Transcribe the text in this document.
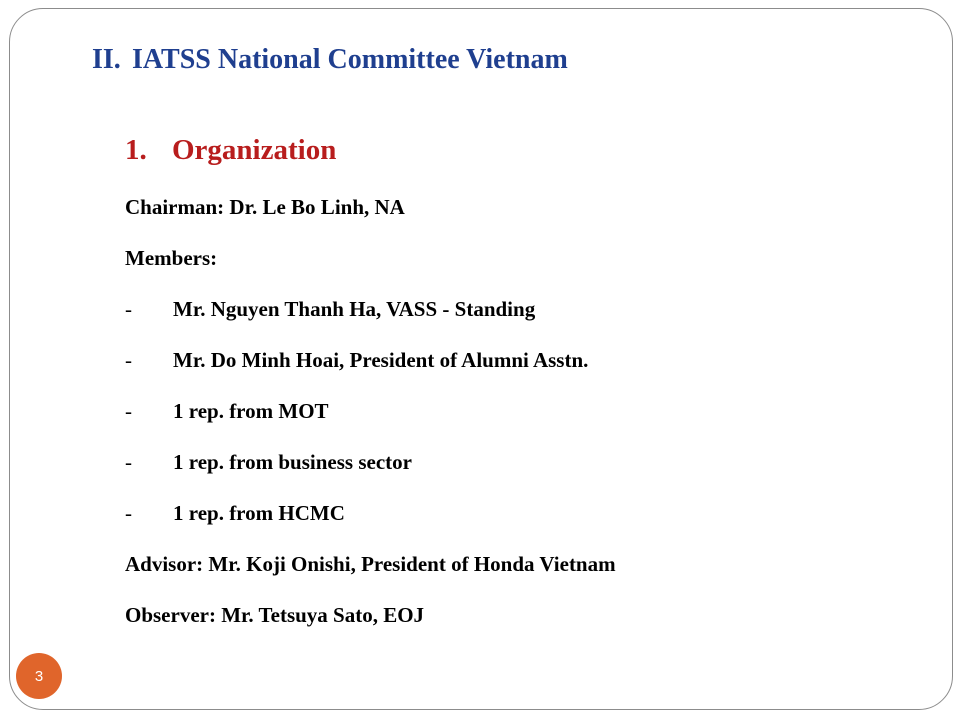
II. IATSS National Committee Vietnam
1. Organization

Chairman: Dr. Le Bo Linh, NA

Members:

- Mr. Nguyen Thanh Ha, VASS - Standing

- Mr. Do Minh Hoai, President of Alumni Asstn.

- 1 rep. from MOT

- 1 rep. from business sector

- 1 rep. from HCMC

Advisor: Mr. Koji Onishi, President of Honda Vietnam

Observer: Mr. Tetsuya Sato, EOJ

3
